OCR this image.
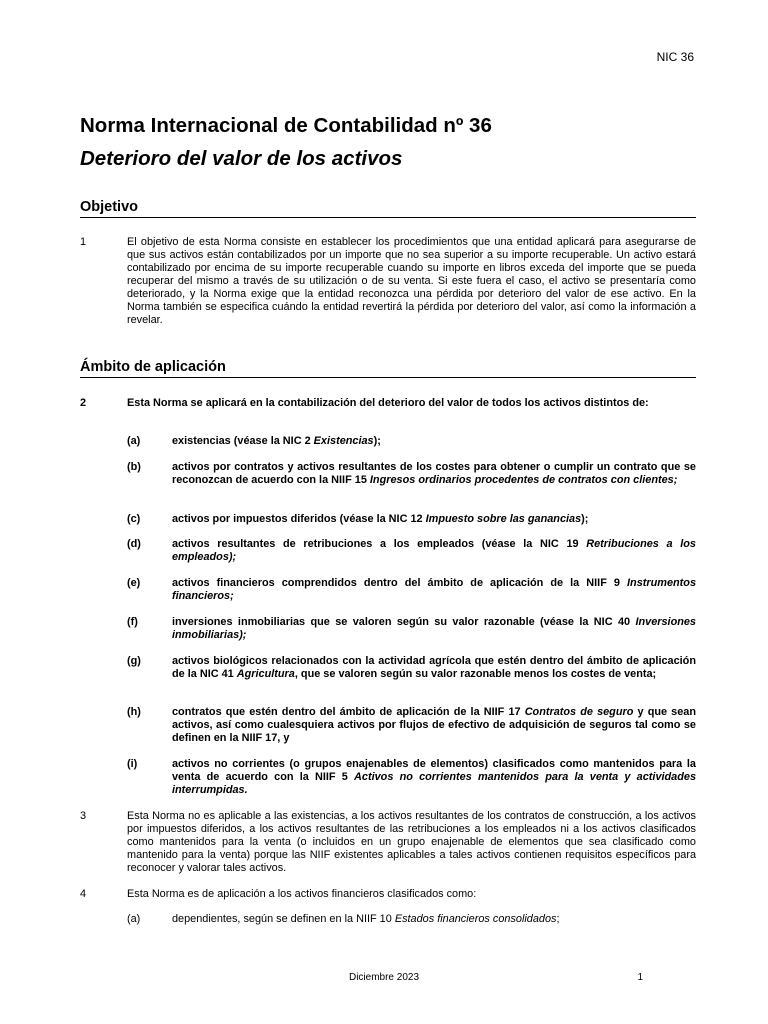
NIC 36
Norma Internacional de Contabilidad nº 36
Deterioro del valor de los activos
Objetivo
1	El objetivo de esta Norma consiste en establecer los procedimientos que una entidad aplicará para asegurarse de que sus activos están contabilizados por un importe que no sea superior a su importe recuperable. Un activo estará contabilizado por encima de su importe recuperable cuando su importe en libros exceda del importe que se pueda recuperar del mismo a través de su utilización o de su venta. Si este fuera el caso, el activo se presentaría como deteriorado, y la Norma exige que la entidad reconozca una pérdida por deterioro del valor de ese activo. En la Norma también se especifica cuándo la entidad revertirá la pérdida por deterioro del valor, así como la información a revelar.
Ámbito de aplicación
2	Esta Norma se aplicará en la contabilización del deterioro del valor de todos los activos distintos de:
(a)	existencias (véase la NIC 2 Existencias);
(b)	activos por contratos y activos resultantes de los costes para obtener o cumplir un contrato que se reconozcan de acuerdo con la NIIF 15 Ingresos ordinarios procedentes de contratos con clientes;
(c)	activos por impuestos diferidos (véase la NIC 12 Impuesto sobre las ganancias);
(d)	activos resultantes de retribuciones a los empleados (véase la NIC 19 Retribuciones a los empleados);
(e)	activos financieros comprendidos dentro del ámbito de aplicación de la NIIF 9 Instrumentos financieros;
(f)	inversiones inmobiliarias que se valoren según su valor razonable (véase la NIC 40 Inversiones inmobiliarias);
(g)	activos biológicos relacionados con la actividad agrícola que estén dentro del ámbito de aplicación de la NIC 41 Agricultura, que se valoren según su valor razonable menos los costes de venta;
(h)	contratos que estén dentro del ámbito de aplicación de la NIIF 17 Contratos de seguro y que sean activos, así como cualesquiera activos por flujos de efectivo de adquisición de seguros tal como se definen en la NIIF 17, y
(i)	activos no corrientes (o grupos enajenables de elementos) clasificados como mantenidos para la venta de acuerdo con la NIIF 5 Activos no corrientes mantenidos para la venta y actividades interrumpidas.
3	Esta Norma no es aplicable a las existencias, a los activos resultantes de los contratos de construcción, a los activos por impuestos diferidos, a los activos resultantes de las retribuciones a los empleados ni a los activos clasificados como mantenidos para la venta (o incluidos en un grupo enajenable de elementos que sea clasificado como mantenido para la venta) porque las NIIF existentes aplicables a tales activos contienen requisitos específicos para reconocer y valorar tales activos.
4	Esta Norma es de aplicación a los activos financieros clasificados como:
(a)	dependientes, según se definen en la NIIF 10 Estados financieros consolidados;
Diciembre 2023	1
